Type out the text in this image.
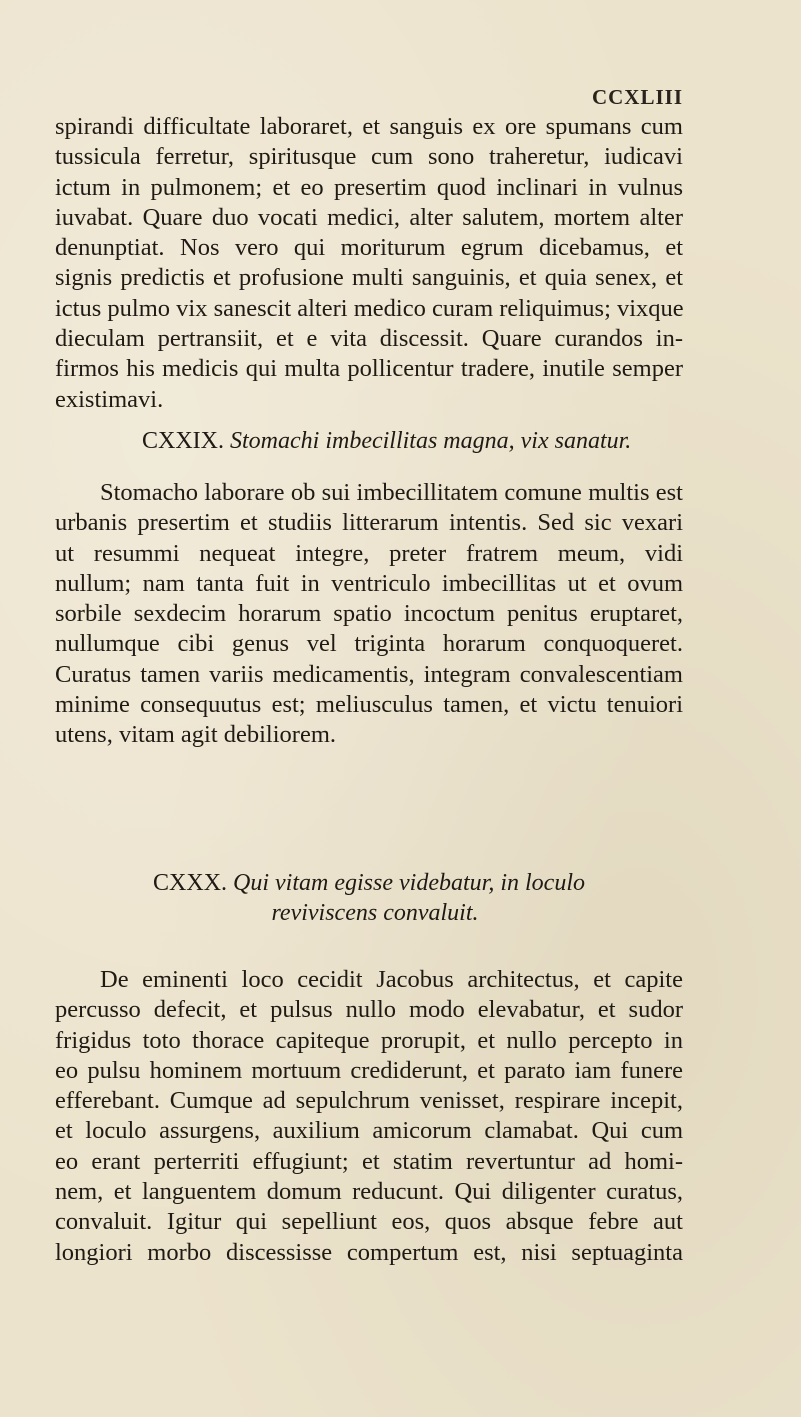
CCXLIII
spirandi difficultate laboraret, et sanguis ex ore spumans cum
tussicula ferretur, spiritusque cum sono traheretur, iudicavi
ictum in pulmonem; et eo presertim quod inclinari in vulnus
iuvabat. Quare duo vocati medici, alter salutem, mortem alter
denunptiat. Nos vero qui moriturum egrum dicebamus, et
signis predictis et profusione multi sanguinis, et quia senex, et
ictus pulmo vix sanescit alteri medico curam reliquimus; vixque
dieculam pertransiit, et e vita discessit. Quare curandos in-
firmos his medicis qui multa pollicentur tradere, inutile semper
existimavi.
CXXIX. Stomachi imbecillitas magna, vix sanatur.
Stomacho laborare ob sui imbecillitatem comune multis est
urbanis presertim et studiis litterarum intentis. Sed sic vexari
ut resummi nequeat integre, preter fratrem meum, vidi
nullum; nam tanta fuit in ventriculo imbecillitas ut et ovum
sorbile sexdecim horarum spatio incoctum penitus eruptaret,
nullumque cibi genus vel triginta horarum conquoqueret.
Curatus tamen variis medicamentis, integram convalescentiam
minime consequutus est; meliusculus tamen, et victu tenuiori
utens, vitam agit debiliorem.
CXXX. Qui vitam egisse videbatur, in loculo
reviviscens convaluit.
De eminenti loco cecidit Jacobus architectus, et capite
percusso defecit, et pulsus nullo modo elevabatur, et sudor
frigidus toto thorace capiteque prorupit, et nullo percepto in
eo pulsu hominem mortuum crediderunt, et parato iam funere
efferebant. Cumque ad sepulchrum venisset, respirare incepit,
et loculo assurgens, auxilium amicorum clamabat. Qui cum
eo erant perterriti effugiunt; et statim revertuntur ad homi-
nem, et languentem domum reducunt. Qui diligenter curatus,
convaluit. Igitur qui sepelliunt eos, quos absque febre aut
longiori morbo discessisse compertum est, nisi septuaginta
